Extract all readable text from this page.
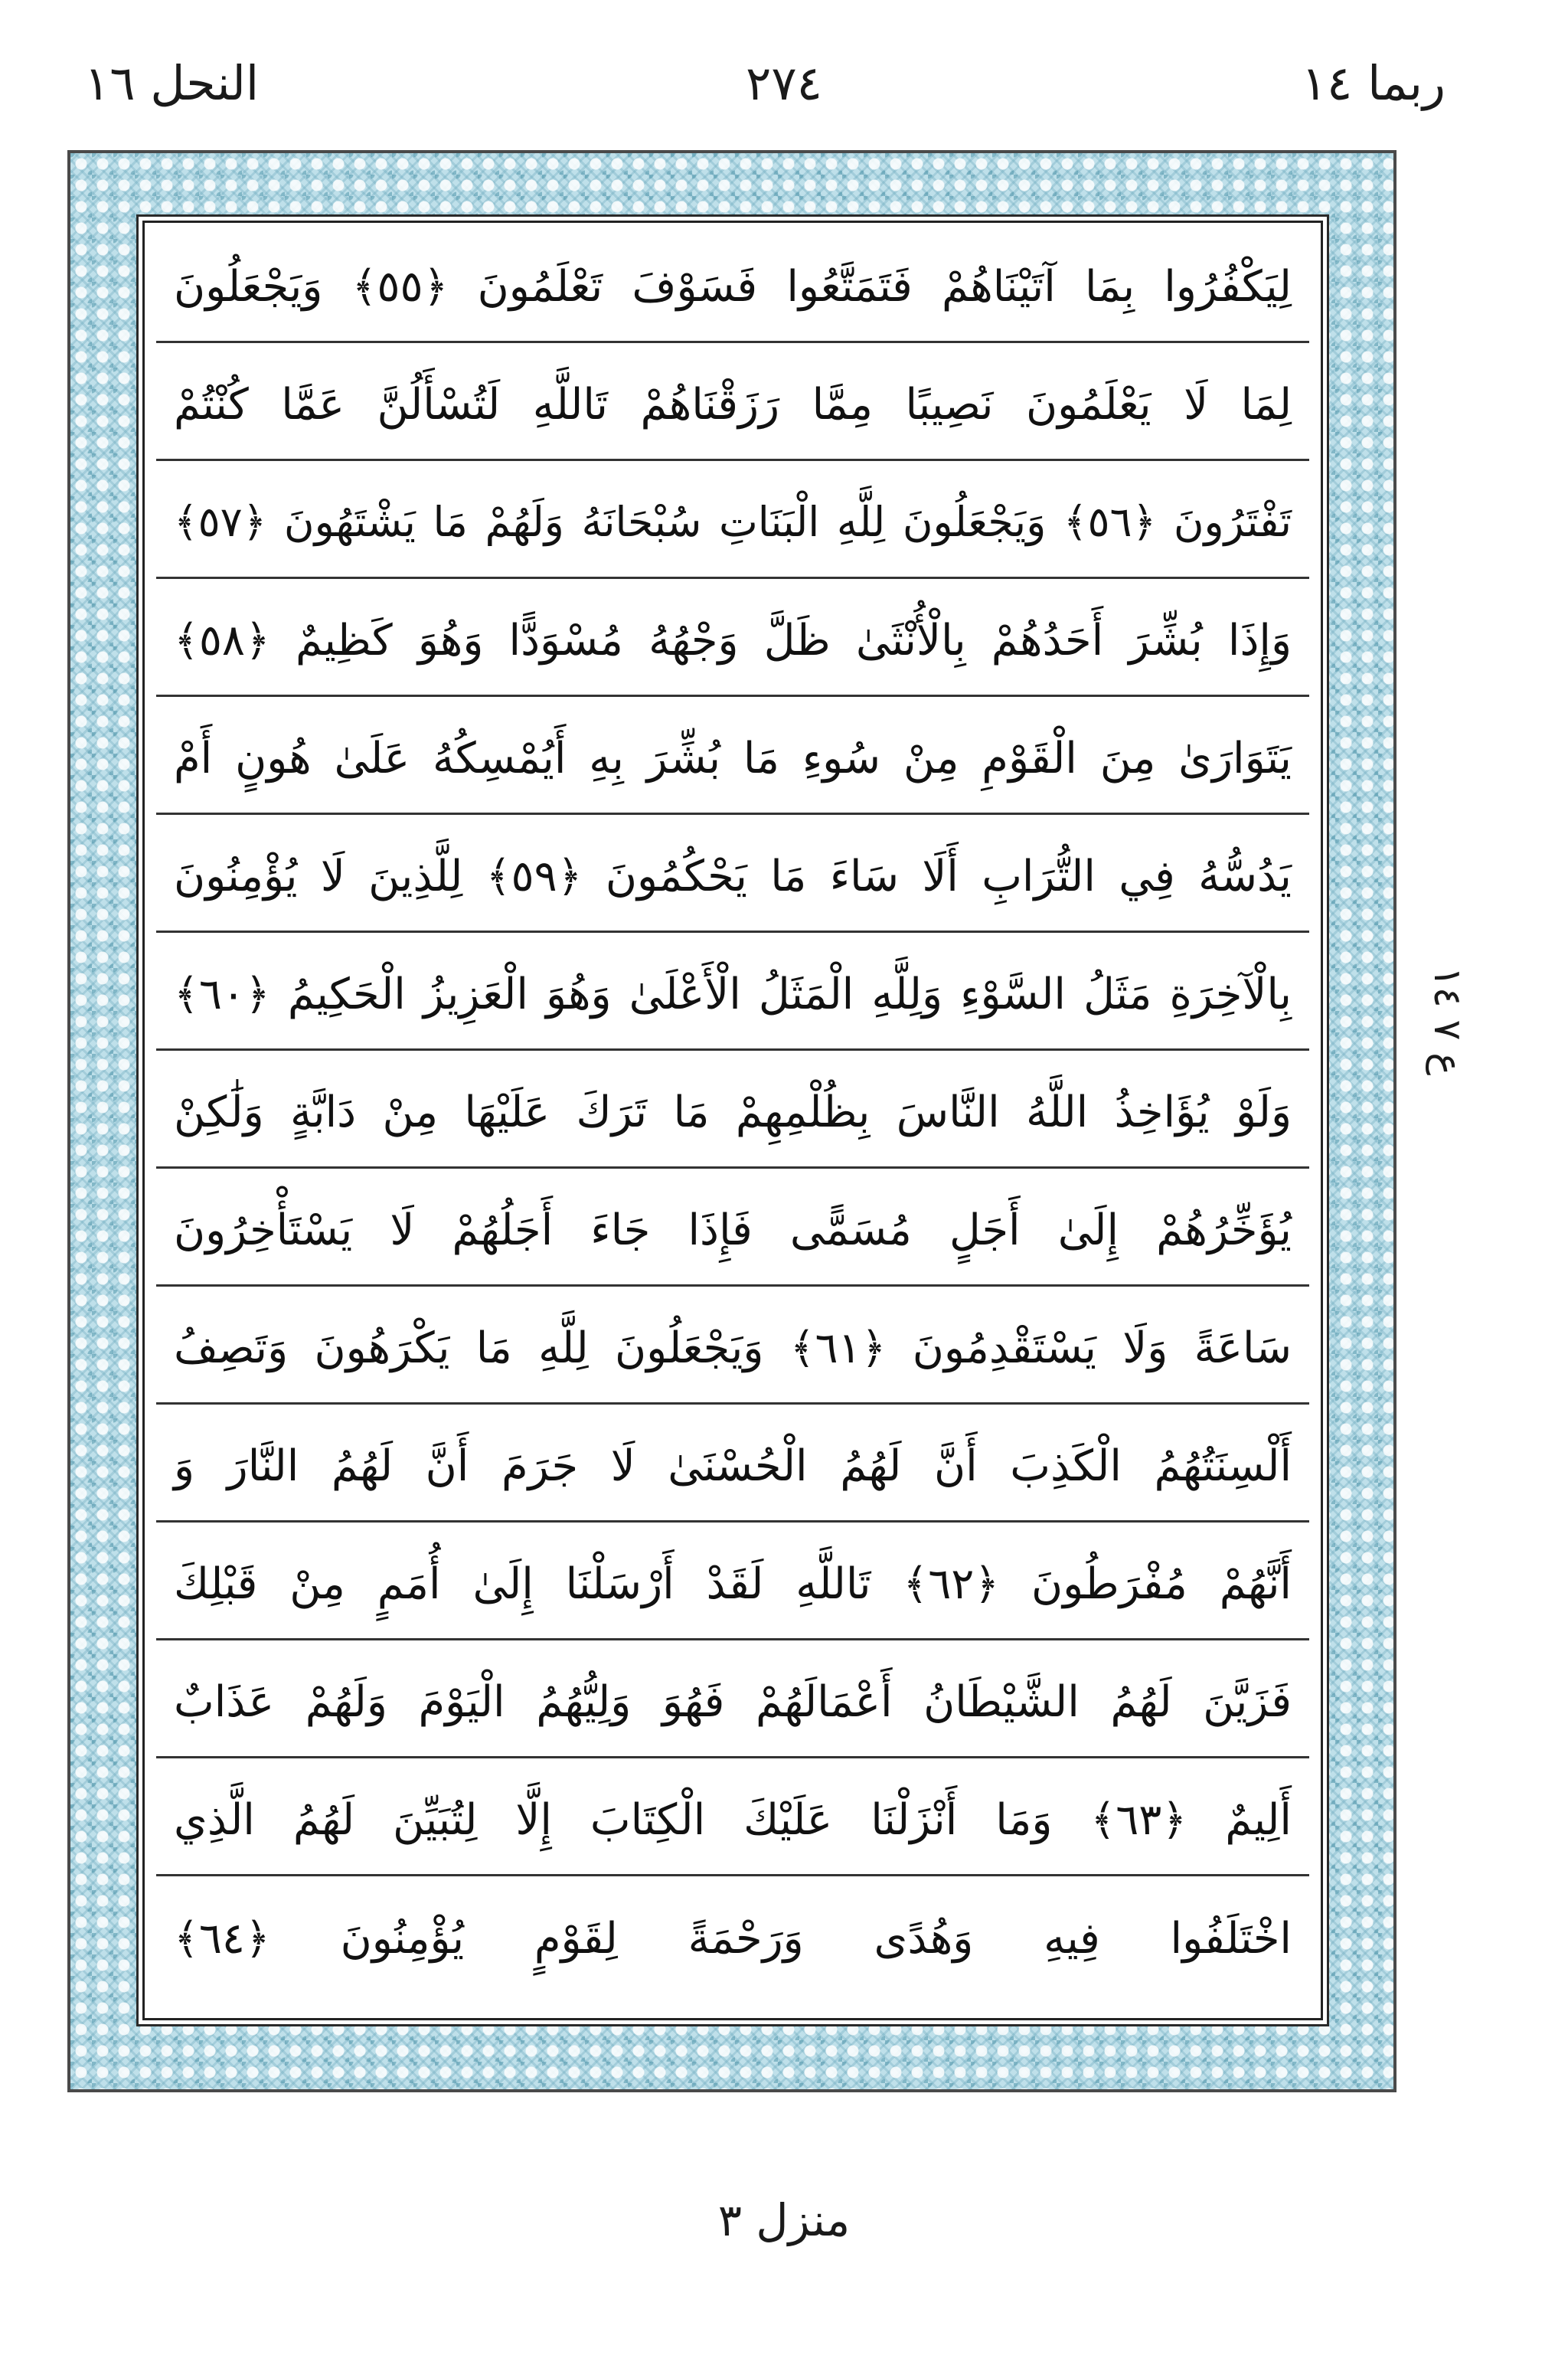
النحل ١٦	٢٧٤	ربما ١٤
لِيَكْفُرُوا بِمَا آتَيْنَاهُمْ فَتَمَتَّعُوا فَسَوْفَ تَعْلَمُونَ ﴿٥٥﴾ وَيَجْعَلُونَ
لِمَا لَا يَعْلَمُونَ نَصِيبًا مِمَّا رَزَقْنَاهُمْ تَاللَّهِ لَتُسْأَلُنَّ عَمَّا كُنْتُمْ
تَفْتَرُونَ ﴿٥٦﴾ وَيَجْعَلُونَ لِلَّهِ الْبَنَاتِ سُبْحَانَهُ وَلَهُمْ مَا يَشْتَهُونَ ﴿٥٧﴾
وَإِذَا بُشِّرَ أَحَدُهُمْ بِالْأُنْثَىٰ ظَلَّ وَجْهُهُ مُسْوَدًّا وَهُوَ كَظِيمٌ ﴿٥٨﴾
يَتَوَارَىٰ مِنَ الْقَوْمِ مِنْ سُوءِ مَا بُشِّرَ بِهِ أَيُمْسِكُهُ عَلَىٰ هُونٍ أَمْ
يَدُسُّهُ فِي التُّرَابِ أَلَا سَاءَ مَا يَحْكُمُونَ ﴿٥٩﴾ لِلَّذِينَ لَا يُؤْمِنُونَ
بِالْآخِرَةِ مَثَلُ السَّوْءِ وَلِلَّهِ الْمَثَلُ الْأَعْلَىٰ وَهُوَ الْعَزِيزُ الْحَكِيمُ ﴿٦٠﴾
وَلَوْ يُؤَاخِذُ اللَّهُ النَّاسَ بِظُلْمِهِمْ مَا تَرَكَ عَلَيْهَا مِنْ دَابَّةٍ وَلَٰكِنْ
يُؤَخِّرُهُمْ إِلَىٰ أَجَلٍ مُسَمًّى فَإِذَا جَاءَ أَجَلُهُمْ لَا يَسْتَأْخِرُونَ
سَاعَةً وَلَا يَسْتَقْدِمُونَ ﴿٦١﴾ وَيَجْعَلُونَ لِلَّهِ مَا يَكْرَهُونَ وَتَصِفُ
أَلْسِنَتُهُمُ الْكَذِبَ أَنَّ لَهُمُ الْحُسْنَىٰ لَا جَرَمَ أَنَّ لَهُمُ النَّارَ وَ
أَنَّهُمْ مُفْرَطُونَ ﴿٦٢﴾ تَاللَّهِ لَقَدْ أَرْسَلْنَا إِلَىٰ أُمَمٍ مِنْ قَبْلِكَ
فَزَيَّنَ لَهُمُ الشَّيْطَانُ أَعْمَالَهُمْ فَهُوَ وَلِيُّهُمُ الْيَوْمَ وَلَهُمْ عَذَابٌ
أَلِيمٌ ﴿٦٣﴾ وَمَا أَنْزَلْنَا عَلَيْكَ الْكِتَابَ إِلَّا لِتُبَيِّنَ لَهُمُ الَّذِي
اخْتَلَفُوا فِيهِ وَهُدًى وَرَحْمَةً لِقَوْمٍ يُؤْمِنُونَ ﴿٦٤﴾
ع ٧ ١٤
منزل ٣
